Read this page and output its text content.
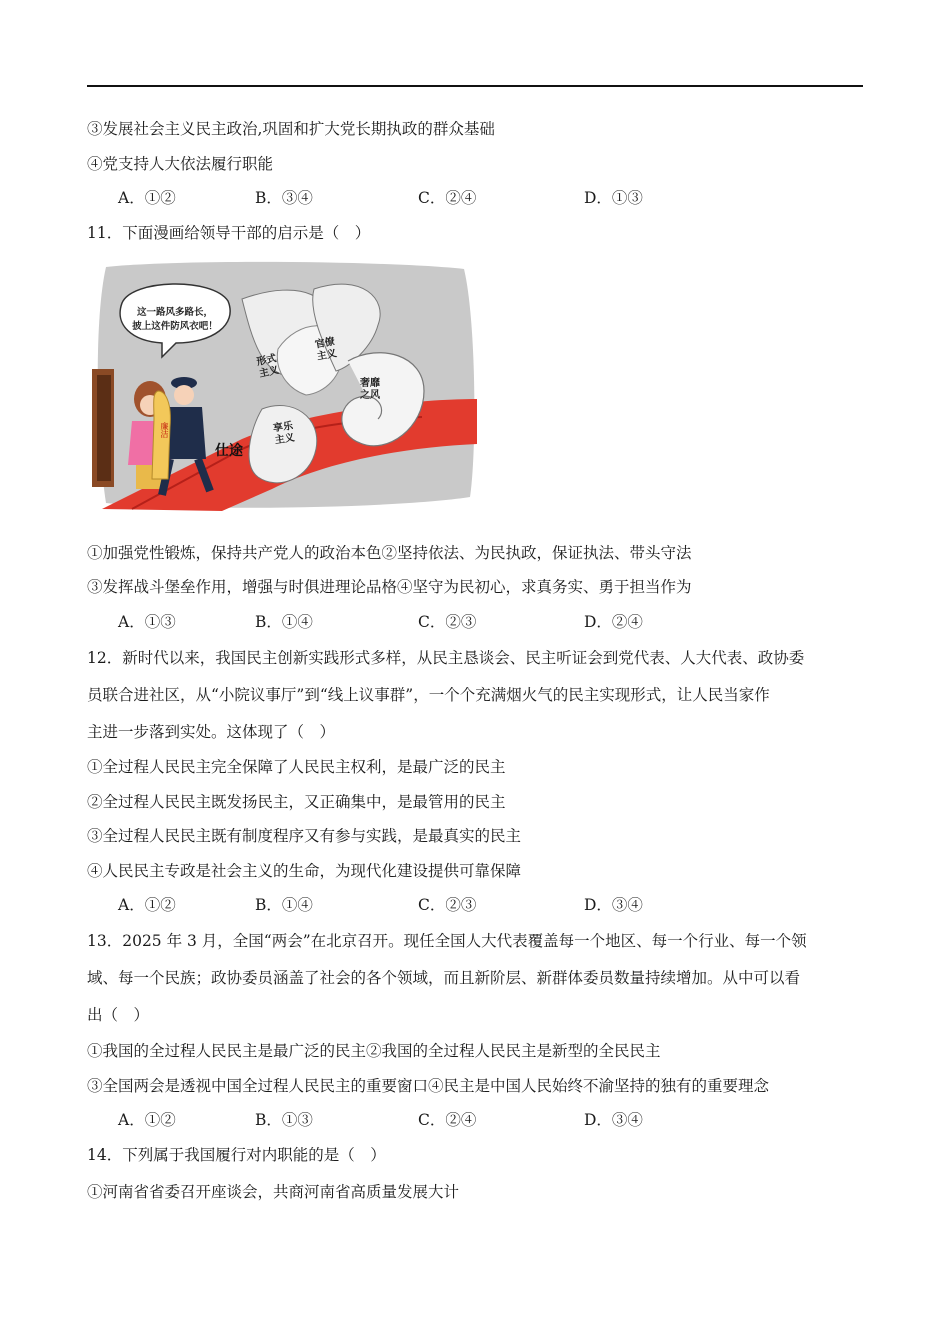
③发展社会主义民主政治,巩固和扩大党长期执政的群众基础
④党支持人大依法履行职能
A．①②	B．③④	C．②④	D．①③
11．下面漫画给领导干部的启示是（　）
这一路风多路长，
披上这件防风衣吧！
廉洁
仕途
形式
主义
官僚
主义
奢靡
之风
享乐
主义
①加强党性锻炼，保持共产党人的政治本色②坚持依法、为民执政，保证执法、带头守法
③发挥战斗堡垒作用，增强与时俱进理论品格④坚守为民初心，求真务实、勇于担当作为
A．①③	B．①④	C．②③	D．②④
12．新时代以来，我国民主创新实践形式多样，从民主恳谈会、民主听证会到党代表、人大代表、政协委
员联合进社区，从“小院议事厅”到“线上议事群”，一个个充满烟火气的民主实现形式，让人民当家作
主进一步落到实处。这体现了（　）
①全过程人民民主完全保障了人民民主权利，是最广泛的民主
②全过程人民民主既发扬民主，又正确集中，是最管用的民主
③全过程人民民主既有制度程序又有参与实践，是最真实的民主
④人民民主专政是社会主义的生命，为现代化建设提供可靠保障
A．①②	B．①④	C．②③	D．③④
13．2025 年 3 月，全国“两会”在北京召开。现任全国人大代表覆盖每一个地区、每一个行业、每一个领
域、每一个民族；政协委员涵盖了社会的各个领域，而且新阶层、新群体委员数量持续增加。从中可以看
出（　）
①我国的全过程人民民主是最广泛的民主②我国的全过程人民民主是新型的全民民主
③全国两会是透视中国全过程人民民主的重要窗口④民主是中国人民始终不渝坚持的独有的重要理念
A．①②	B．①③	C．②④	D．③④
14．下列属于我国履行对内职能的是（　）
①河南省省委召开座谈会，共商河南省高质量发展大计
